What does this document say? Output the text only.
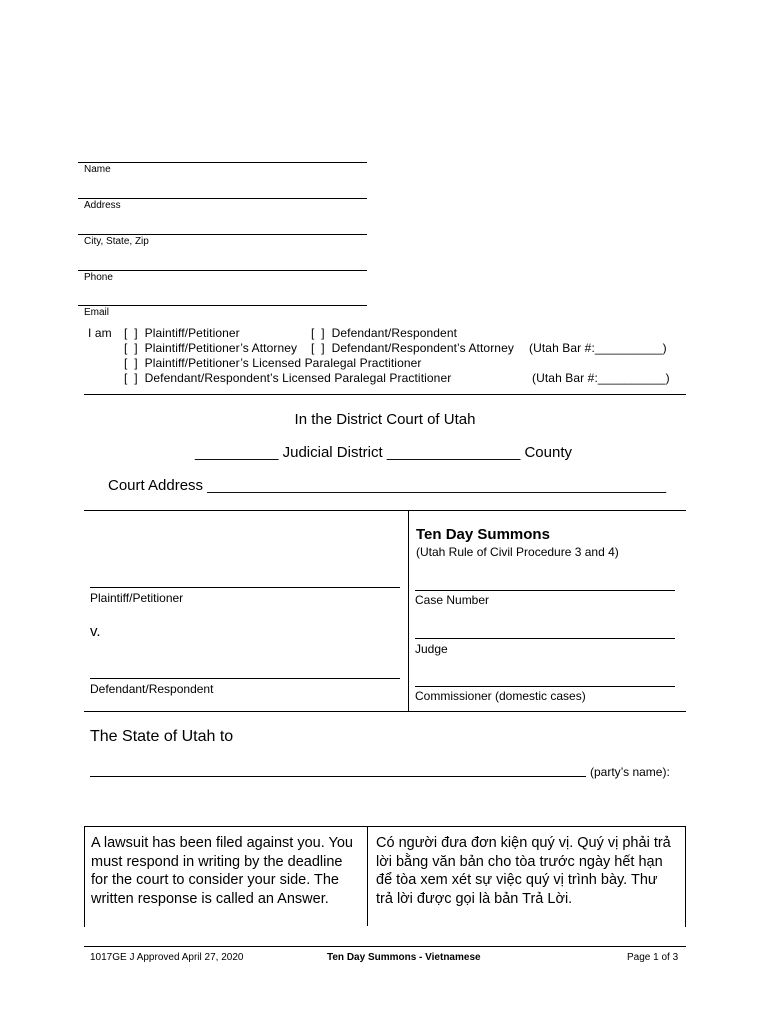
Name
Address
City, State, Zip
Phone
Email
I am [  ]  Plaintiff/Petitioner	[  ]  Defendant/Respondent
[  ]  Plaintiff/Petitioner’s Attorney [  ]  Defendant/Respondent’s Attorney (Utah Bar #:__________)
[  ]  Plaintiff/Petitioner’s Licensed Paralegal Practitioner
[  ]  Defendant/Respondent’s Licensed Paralegal Practitioner	(Utah Bar #:__________)
In the District Court of Utah
__________ Judicial District ________________ County
Court Address _______________________________________________________
Ten Day Summons
(Utah Rule of Civil Procedure 3 and 4)
Plaintiff/Petitioner
v.
Defendant/Respondent
Case Number
Judge
Commissioner (domestic cases)
The State of Utah to
(party’s name):
A lawsuit has been filed against you. You must respond in writing by the deadline for the court to consider your side. The written response is called an Answer.
Có người đưa đơn kiện quý vị. Quý vị phải trả lời bằng văn bản cho tòa trước ngày hết hạn để tòa xem xét sự việc quý vị trình bày. Thư trả lời được gọi là bản Trả Lời.
1017GE J Approved April 27, 2020	Ten Day Summons - Vietnamese	Page 1 of 3
